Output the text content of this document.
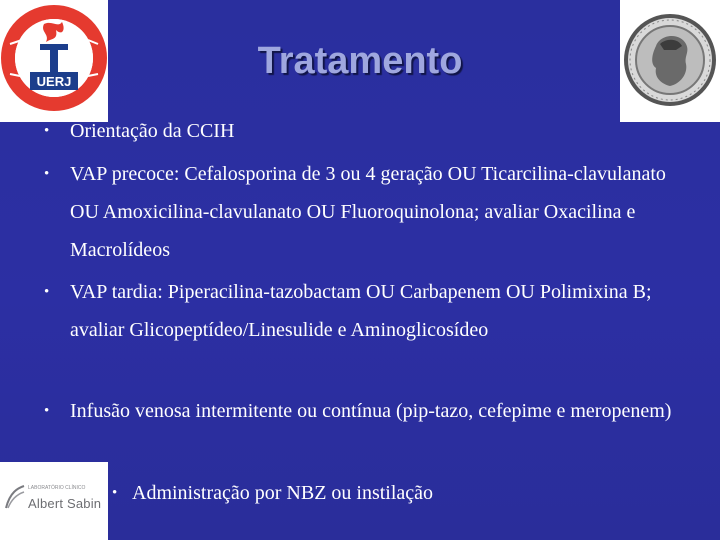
UERJ
LABORATÓRIO CLÍNICO
Albert Sabin
Tratamento
•	Orientação da CCIH
•	VAP precoce: Cefalosporina de 3 ou 4 geração OU Ticarcilina-clavulanato OU Amoxicilina-clavulanato OU Fluoroquinolona; avaliar Oxacilina e Macrolídeos
•	VAP tardia: Piperacilina-tazobactam OU Carbapenem OU Polimixina B; avaliar Glicopeptídeo/Linesulide e Aminoglicosídeo
•	Infusão venosa intermitente ou contínua (pip-tazo, cefepime e meropenem)
• Administração por NBZ ou instilação
